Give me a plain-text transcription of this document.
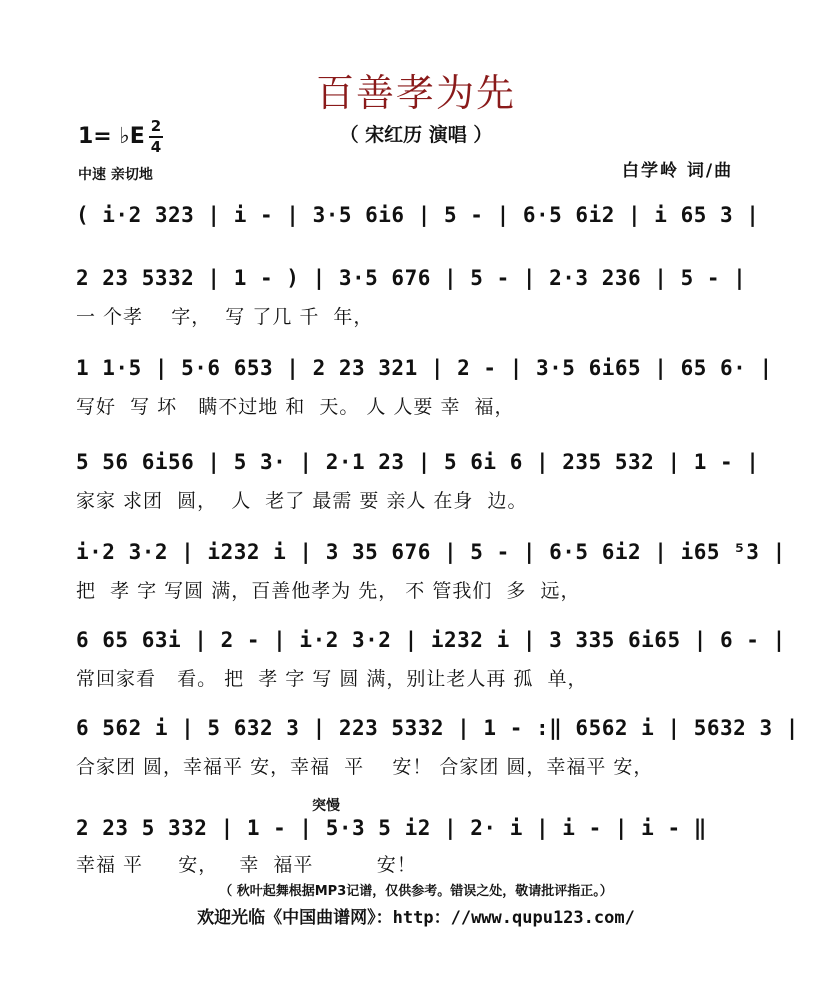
百善孝为先
（ 宋红历 演唱 ）
1= ♭E 2
4
中速 亲切地	白学岭 词/曲
( i·2 323 | i - | 3·5 6i6 | 5 - | 6·5 6i2 | i 65 3 |
2 23 5332 | 1 - ) | 3·5 676 | 5 - | 2·3 236 | 5 - |
一 个孝    字，  写 了几 千  年，
1 1·5 | 5·6 653 | 2 23 321 | 2 - | 3·5 6i65 | 65 6· |
写好  写 坏   瞒不过地 和  天。 人 人要 幸  福，
5 56 6i56 | 5 3· | 2·1 23 | 5 6i 6 | 235 532 | 1 - |
家家 求团  圆，  人  老了 最需 要 亲人 在身  边。
i·2 3·2 | i232 i | 3 35 676 | 5 - | 6·5 6i2 | i65 ⁵3 |
把  孝 字 写圆 满，百善他孝为 先， 不 管我们  多  远，
6 65 63i | 2 - | i·2 3·2 | i232 i | 3 335 6i65 | 6 - |
常回家看   看。 把  孝 字 写 圆 满，别让老人再 孤  单，
6 562 i | 5 632 3 | 223 5332 | 1 - :‖ 6562 i | 5632 3 |
合家团 圆，幸福平 安，幸福  平    安！ 合家团 圆，幸福平 安，
突慢
2 23 5 332 | 1 - | 5·3 5 i2 | 2· i | i - | i - ‖
幸福 平     安，   幸  福平         安！
（ 秋叶起舞根据MP3记谱，仅供参考。错误之处，敬请批评指正。）
欢迎光临《中国曲谱网》：http：//www.qupu123.com/
